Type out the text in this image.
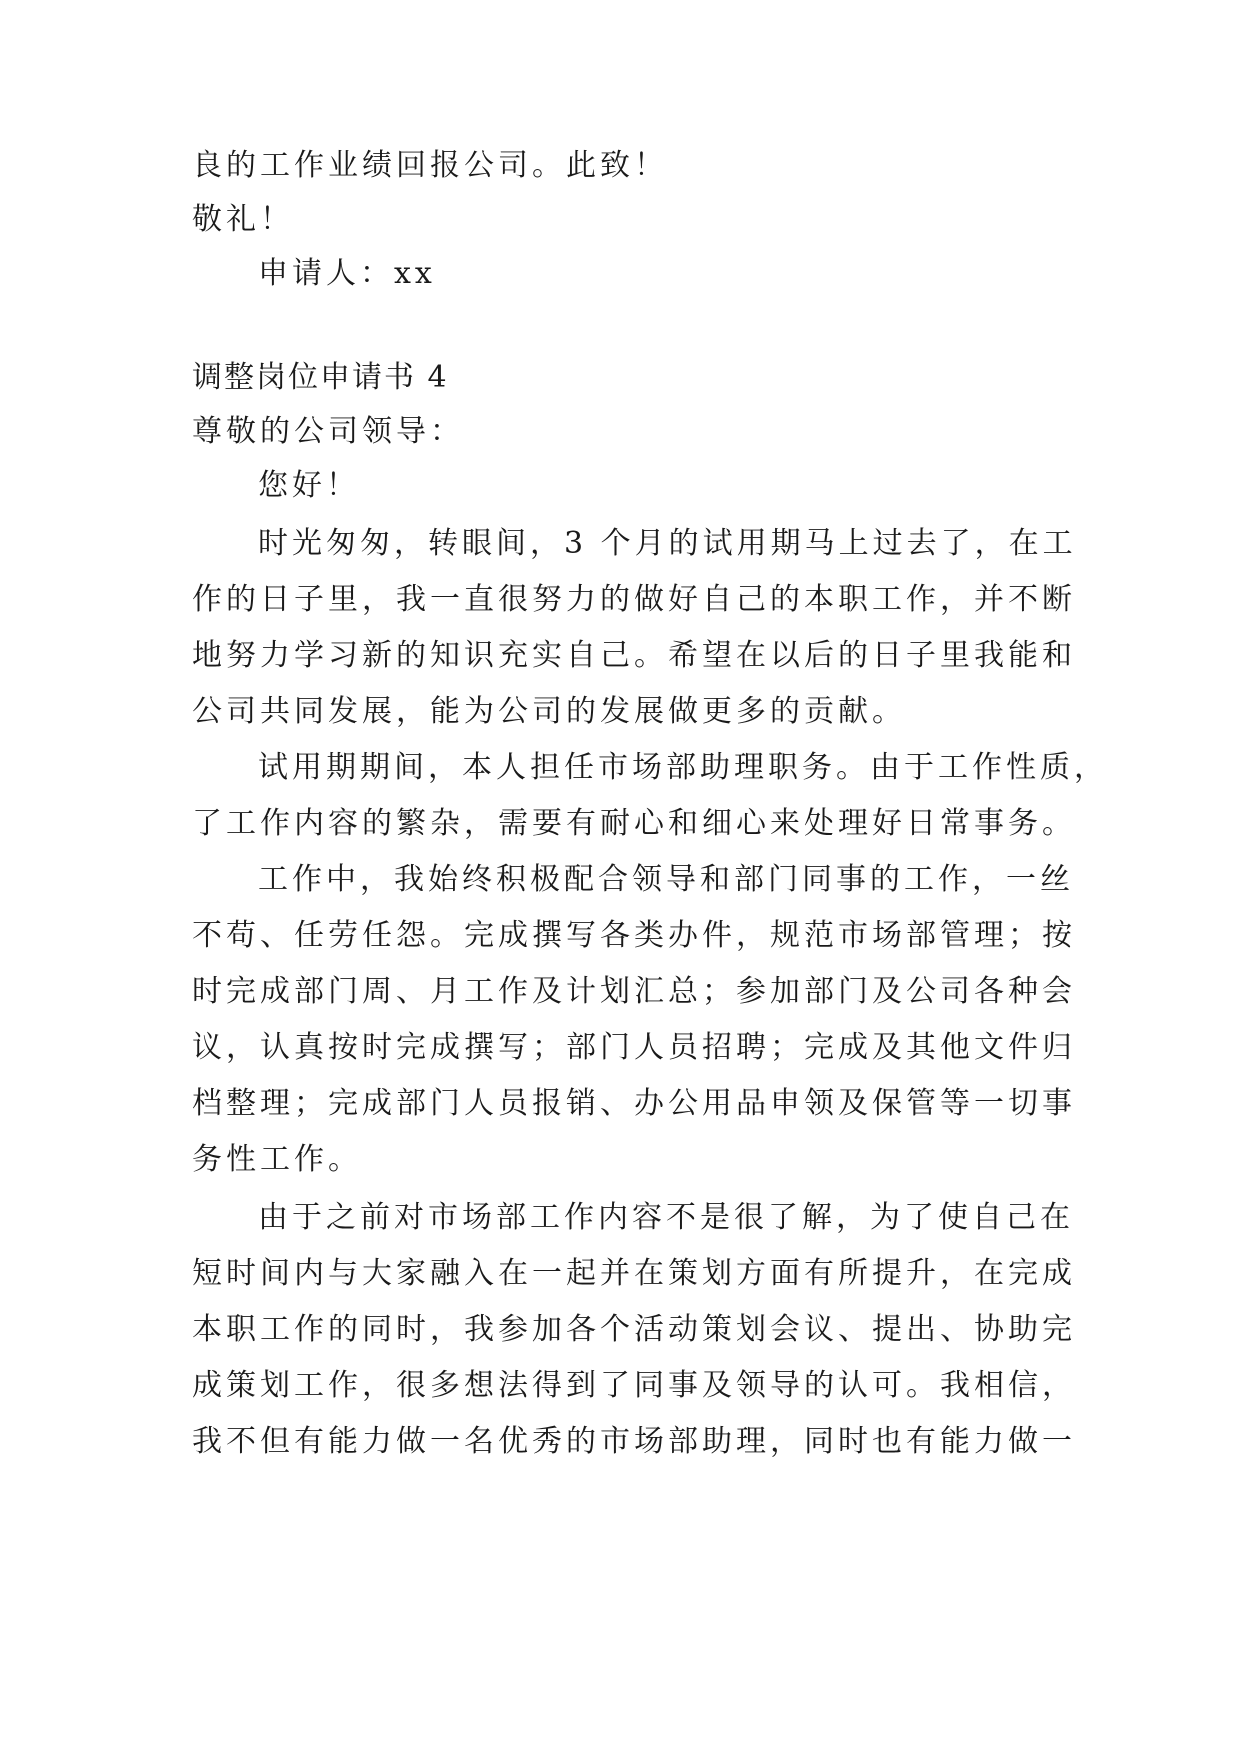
良的工作业绩回报公司。此致！
敬礼！
申请人：xx
调整岗位申请书 4
尊敬的公司领导：
您好！
时光匆匆，转眼间，3 个月的试用期马上过去了，在工
作的日子里，我一直很努力的做好自己的本职工作，并不断
地努力学习新的知识充实自己。希望在以后的日子里我能和
公司共同发展，能为公司的发展做更多的贡献。
试用期期间，本人担任市场部助理职务。由于工作性质，
了工作内容的繁杂，需要有耐心和细心来处理好日常事务。
工作中，我始终积极配合领导和部门同事的工作，一丝
不苟、任劳任怨。完成撰写各类办件，规范市场部管理；按
时完成部门周、月工作及计划汇总；参加部门及公司各种会
议，认真按时完成撰写；部门人员招聘；完成及其他文件归
档整理；完成部门人员报销、办公用品申领及保管等一切事
务性工作。
由于之前对市场部工作内容不是很了解，为了使自己在
短时间内与大家融入在一起并在策划方面有所提升，在完成
本职工作的同时，我参加各个活动策划会议、提出、协助完
成策划工作，很多想法得到了同事及领导的认可。我相信，
我不但有能力做一名优秀的市场部助理，同时也有能力做一
